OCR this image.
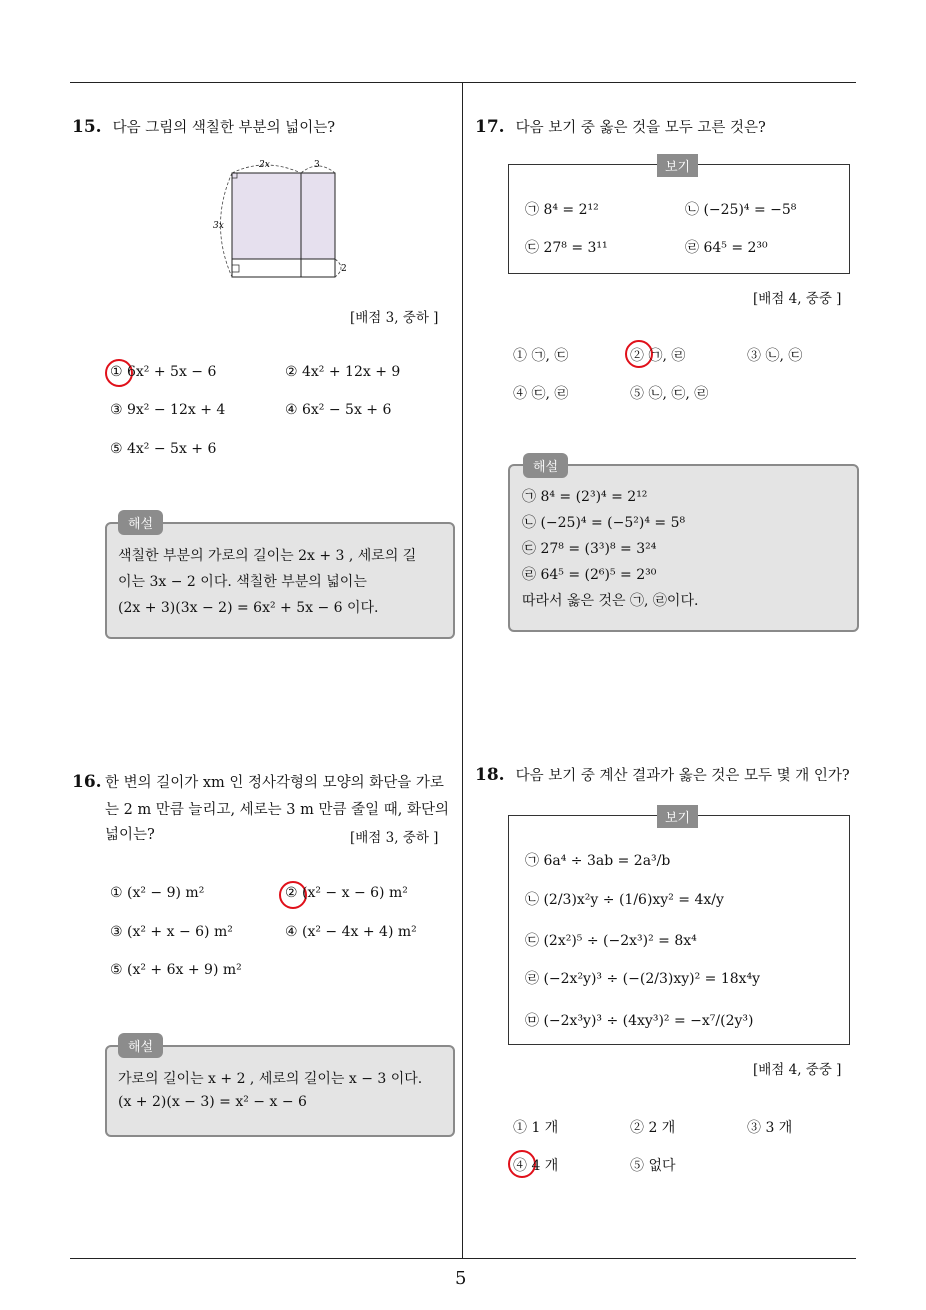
5
15. 다음 그림의 색칠한 부분의 넓이는?
2x	3
3x
2
[배점 3, 중하 ]
① 6x² + 5x − 6	② 4x² + 12x + 9
③ 9x² − 12x + 4	④ 6x² − 5x + 6
⑤ 4x² − 5x + 6
해설
색칠한 부분의 가로의 길이는 2x + 3 , 세로의 길
이는 3x − 2 이다. 색칠한 부분의 넓이는
(2x + 3)(3x − 2) = 6x² + 5x − 6 이다.
16. 한 변의 길이가 xm 인 정사각형의 모양의 화단을 가로
는 2 m 만큼 늘리고, 세로는 3 m 만큼 줄일 때, 화단의
넓이는?	[배점 3, 중하 ]
① (x² − 9) m²	② (x² − x − 6) m²
③ (x² + x − 6) m²	④ (x² − 4x + 4) m²
⑤ (x² + 6x + 9) m²
해설
가로의 길이는 x + 2 , 세로의 길이는 x − 3 이다.
(x + 2)(x − 3) = x² − x − 6
17. 다음 보기 중 옳은 것을 모두 고른 것은?
보기
㉠ 8⁴ = 2¹²	㉡ (−25)⁴ = −5⁸
㉢ 27⁸ = 3¹¹	㉣ 64⁵ = 2³⁰
[배점 4, 중중 ]
① ㉠, ㉢	② ㉠, ㉣	③ ㉡, ㉢
④ ㉢, ㉣	⑤ ㉡, ㉢, ㉣
해설
㉠ 8⁴ = (2³)⁴ = 2¹²
㉡ (−25)⁴ = (−5²)⁴ = 5⁸
㉢ 27⁸ = (3³)⁸ = 3²⁴
㉣ 64⁵ = (2⁶)⁵ = 2³⁰
따라서 옳은 것은 ㉠, ㉣이다.
18. 다음 보기 중 계산 결과가 옳은 것은 모두 몇 개 인가?
보기
㉠ 6a⁴ ÷ 3ab = 2a³/b
㉡ (2/3)x²y ÷ (1/6)xy² = 4x/y
㉢ (2x²)⁵ ÷ (−2x³)² = 8x⁴
㉣ (−2x²y)³ ÷ (−(2/3)xy)² = 18x⁴y
㉤ (−2x³y)³ ÷ (4xy³)² = −x⁷/(2y³)
[배점 4, 중중 ]
① 1 개	② 2 개	③ 3 개
④ 4 개	⑤ 없다
